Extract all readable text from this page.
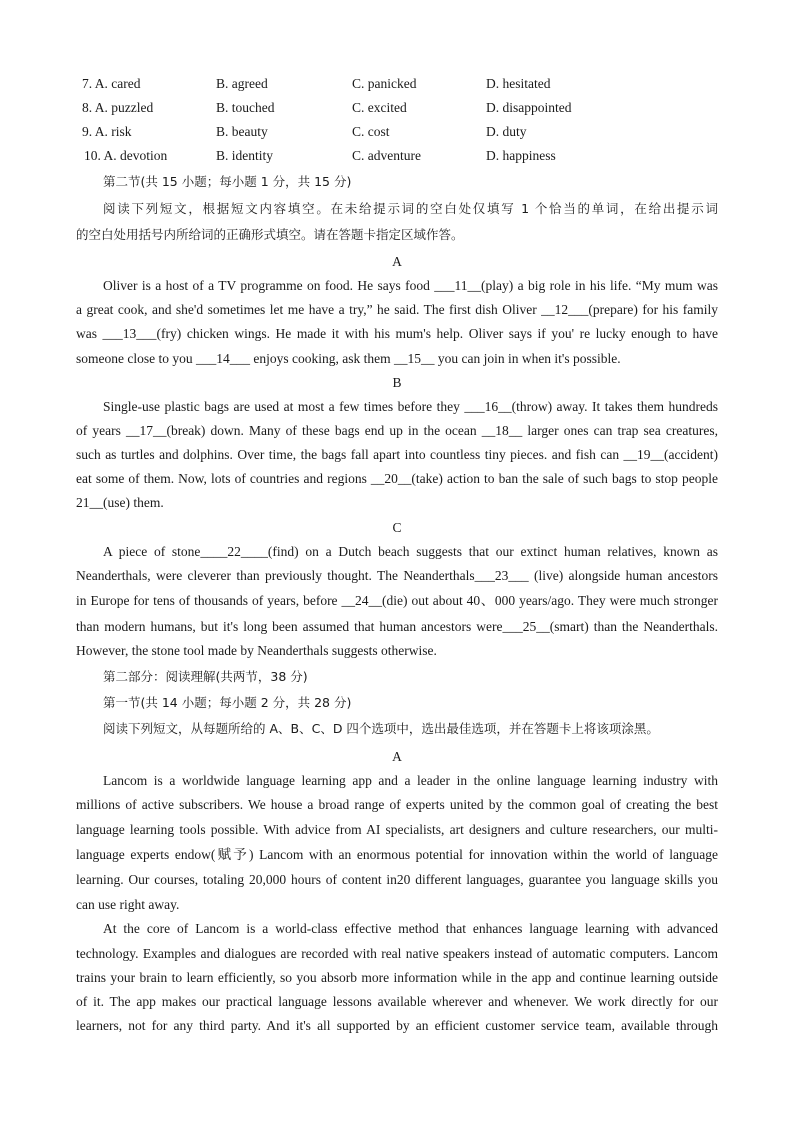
7. A. cared	B. agreed	C. panicked	D. hesitated
8. A. puzzled	B. touched	C. excited	D. disappointed
9. A. risk	B. beauty	C. cost	D. duty
10. A. devotion	B. identity	C. adventure	D. happiness
第二节(共 15 小题；每小题 1 分，共 15 分)
阅读下列短文，根据短文内容填空。在未给提示词的空白处仅填写 1 个恰当的单词，在给出提示词
的空白处用括号内所给词的正确形式填空。请在答题卡指定区域作答。
A
Oliver is a host of a TV programme on food. He says food ___11__(play) a big role in his life. “My mum was
a great cook, and she'd sometimes let me have a try,” he said. The first dish Oliver __12___(prepare) for his family
was ___13___(fry) chicken wings. He made it with his mum's help. Oliver says if you' re lucky enough to have
someone close to you ___14___ enjoys cooking, ask them __15__ you can join in when it's possible.
B
Single-use plastic bags are used at most a few times before they ___16__(throw) away. It takes them hundreds
of years __17__(break) down. Many of these bags end up in the ocean __18__ larger ones can trap sea creatures,
such as turtles and dolphins. Over time, the bags fall apart into countless tiny pieces. and fish can __19__(accident)
eat some of them. Now, lots of countries and regions __20__(take) action to ban the sale of such bags to stop people
21__(use) them.
C
A piece of stone____22____(find) on a Dutch beach suggests that our extinct human relatives, known as
Neanderthals, were cleverer than previously thought. The Neanderthals___23___ (live) alongside human ancestors
in Europe for tens of thousands of years, before __24__(die) out about 40、000 years/ago. They were much stronger
than modern humans, but it's long been assumed that human ancestors were___25__(smart) than the Neanderthals.
However, the stone tool made by Neanderthals suggests otherwise.
第二部分：阅读理解(共两节，38 分)
第一节(共 14 小题；每小题 2 分，共 28 分)
阅读下列短文，从每题所给的 A、B、C、D 四个选项中，选出最佳选项，并在答题卡上将该项涂黑。
A
Lancom is a worldwide language learning app and a leader in the online language learning industry with
millions of active subscribers. We house a broad range of experts united by the common goal of creating the best
language learning tools possible. With advice from AI specialists, art designers and culture researchers, our multi-
language experts endow(赋予) Lancom with an enormous potential for innovation within the world of language
learning. Our courses, totaling 20,000 hours of content in20 different languages, guarantee you language skills you
can use right away.
At the core of Lancom is a world-class effective method that enhances language learning with advanced
technology. Examples and dialogues are recorded with real native speakers instead of automatic computers. Lancom
trains your brain to learn efficiently, so you absorb more information while in the app and continue learning outside
of it. The app makes our practical language lessons available wherever and whenever. We work directly for our
learners, not for any third party. And it's all supported by an efficient customer service team, available through
